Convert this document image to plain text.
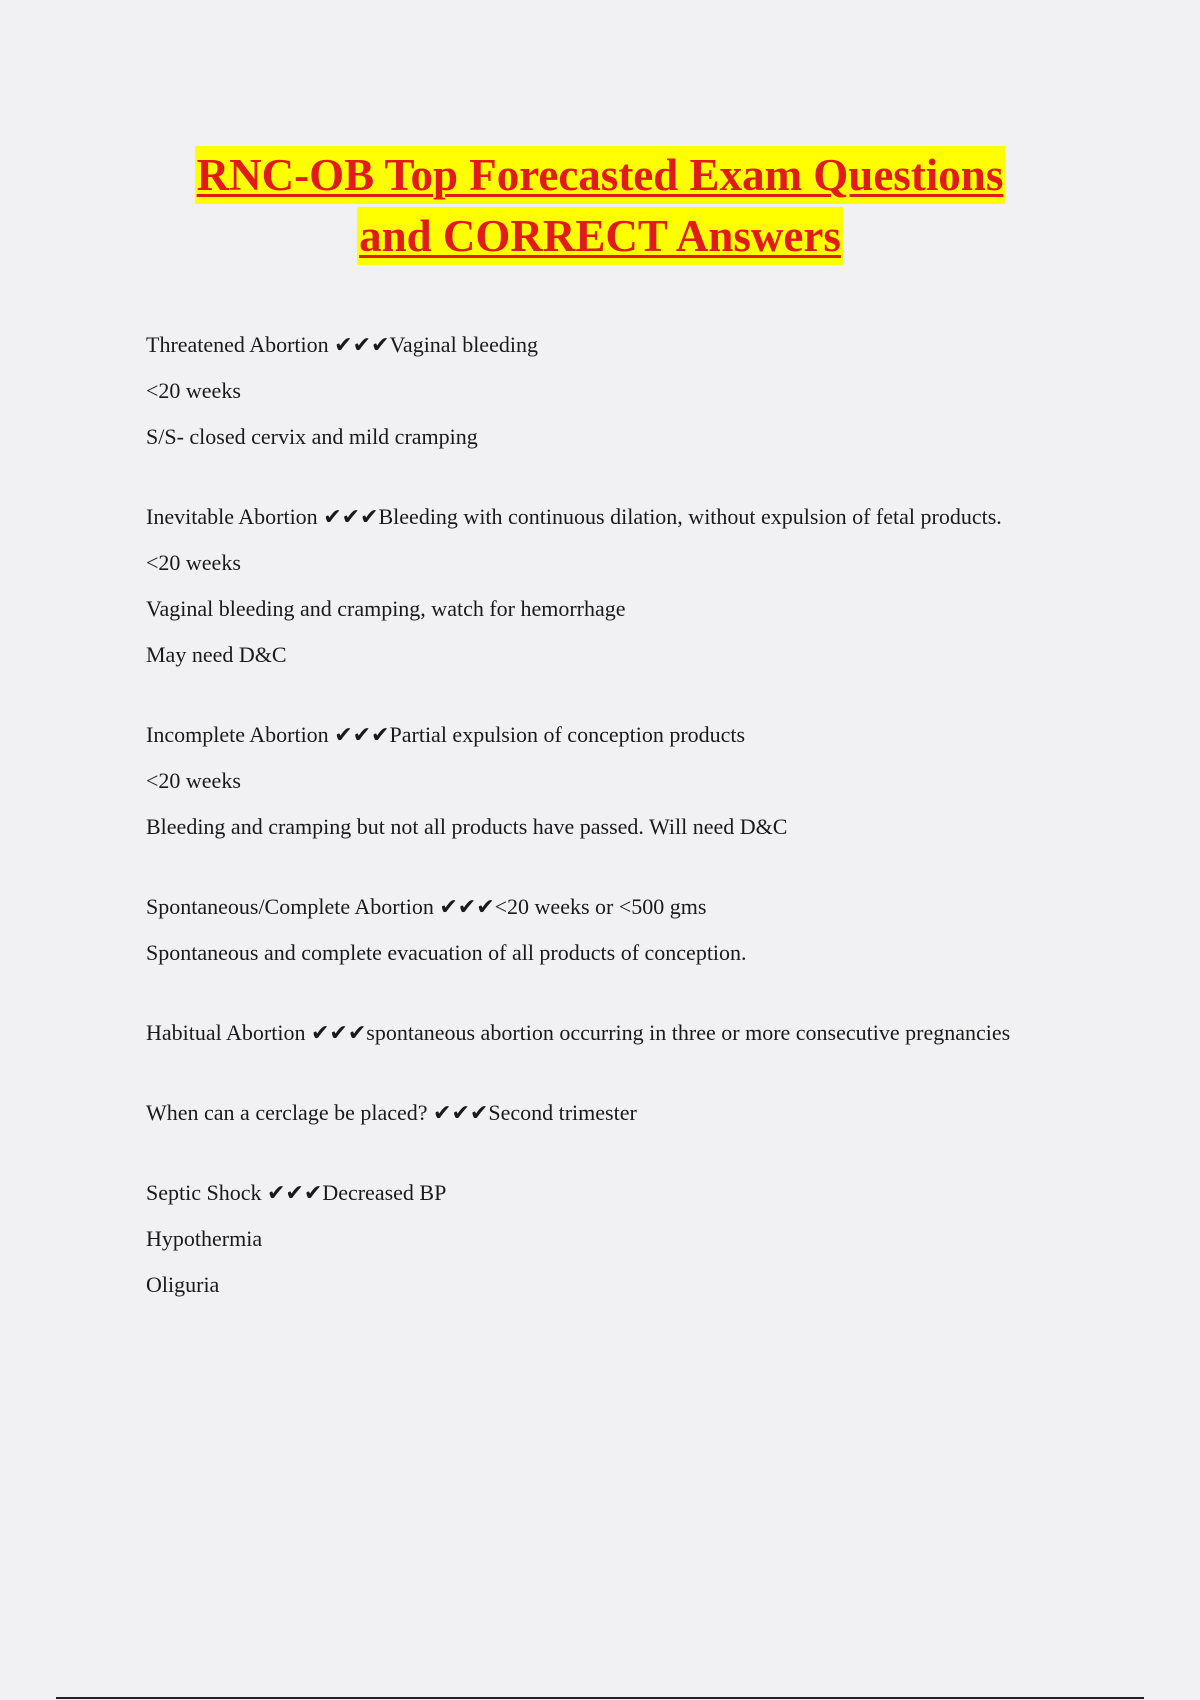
RNC-OB Top Forecasted Exam Questions
and CORRECT Answers

Threatened Abortion ✔✔✔Vaginal bleeding

<20 weeks

S/S- closed cervix and mild cramping

Inevitable Abortion ✔✔✔Bleeding with continuous dilation, without expulsion of fetal products.

<20 weeks

Vaginal bleeding and cramping, watch for hemorrhage

May need D&C

Incomplete Abortion ✔✔✔Partial expulsion of conception products

<20 weeks

Bleeding and cramping but not all products have passed. Will need D&C

Spontaneous/Complete Abortion ✔✔✔<20 weeks or <500 gms

Spontaneous and complete evacuation of all products of conception.

Habitual Abortion ✔✔✔spontaneous abortion occurring in three or more consecutive pregnancies

When can a cerclage be placed? ✔✔✔Second trimester

Septic Shock ✔✔✔Decreased BP

Hypothermia

Oliguria
